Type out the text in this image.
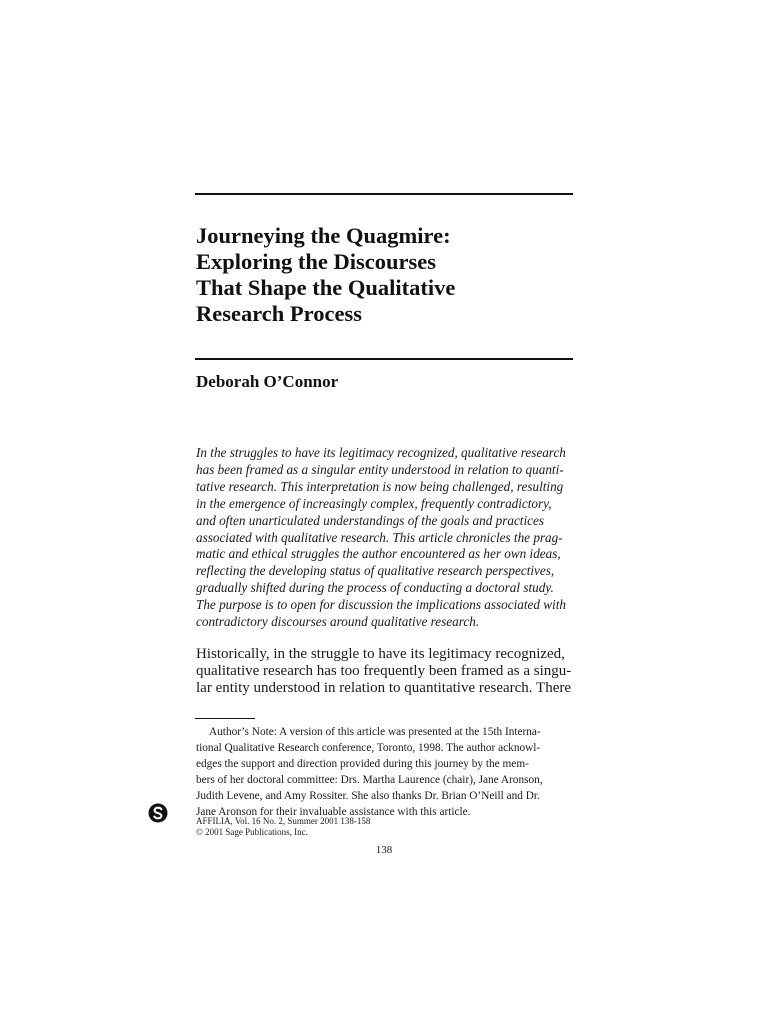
Journeying the Quagmire:
Exploring the Discourses
That Shape the Qualitative
Research Process
Deborah O’Connor
In the struggles to have its legitimacy recognized, qualitative research
has been framed as a singular entity understood in relation to quanti-
tative research. This interpretation is now being challenged, resulting
in the emergence of increasingly complex, frequently contradictory,
and often unarticulated understandings of the goals and practices
associated with qualitative research. This article chronicles the prag-
matic and ethical struggles the author encountered as her own ideas,
reflecting the developing status of qualitative research perspectives,
gradually shifted during the process of conducting a doctoral study.
The purpose is to open for discussion the implications associated with
contradictory discourses around qualitative research.
Historically, in the struggle to have its legitimacy recognized,
qualitative research has too frequently been framed as a singu-
lar entity understood in relation to quantitative research. There
Author’s Note: A version of this article was presented at the 15th Interna-
tional Qualitative Research conference, Toronto, 1998. The author acknowl-
edges the support and direction provided during this journey by the mem-
bers of her doctoral committee: Drs. Martha Laurence (chair), Jane Aronson,
Judith Levene, and Amy Rossiter. She also thanks Dr. Brian O’Neill and Dr.
Jane Aronson for their invaluable assistance with this article.
AFFILIA, Vol. 16 No. 2, Summer 2001 138-158
© 2001 Sage Publications, Inc.
138
